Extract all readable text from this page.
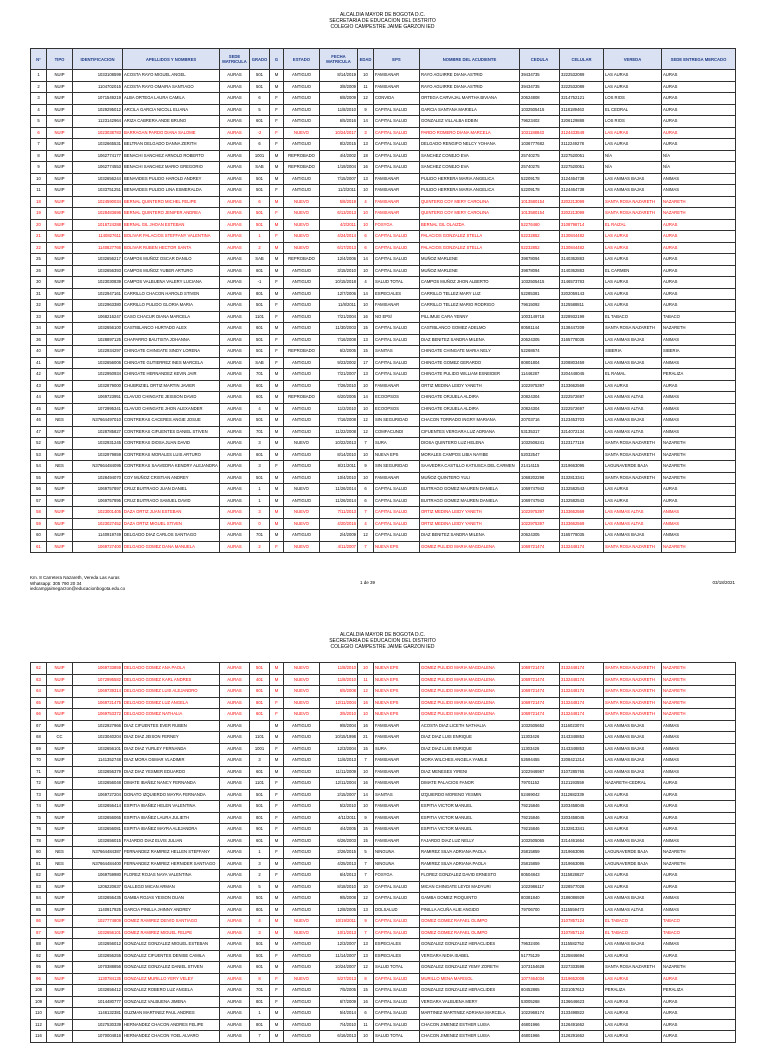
ALCALDIA MAYOR DE BOGOTA D.C.
SECRETARIA DE EDUCACION DEL DISTRITO
COLEGIO CAMPESTRE JAIME GARZON IED
N°	TIPO	IDENTIFICACION	APELLIDOS Y NOMBRES	SEDE MATRICULA	GRADO	G	ESTADO	FECHA MATRICULA	EDAD	EPS	NOMBRE DEL ACUDIENTE	CEDULA	CELULAR	VEREDA	SEDE ENTREGA MERCADO
1	NUIP	1033108599	ACOSTA RAYO MIGUEL ANGEL	AURAS	501	M	ANTIGUO	8/14/2019	10	FAMISANAR	RAYO AGUIRRE DIANA ASTRID	39434735	3222532089	LAS AURAS	AURAS
2	NUIP	1104702015	ACOSTA RAYO OMAIRA SANTIAGO	AURAS	501	M	ANTIGUO	3/8/2009	11	FAMISANAR	RAYO AGUIRRE DIANA ASTRID	39434735	3222532089	LAS AURAS	AURAS
3	NUIP	1071549219	ALBA ORTEGA LAURA CAMILA	AURAS	6	F	ANTIGUO	6/8/2009	12	CONVIDA	ORTEGA CARVAJAL MARTHA BIVIANA	20624808	3214752121	LOS RIOS	AURAS
4	NUIP	1029295012	ARCILA GARCIA NICOLL ELIANA	AURAS	5	F	ANTIGUO	11/8/2010	9	CAPITAL SALUD	GARCIA SANTANA MARIELA	1032505415	3118189463	EL CEDRAL	AURAS
5	NUIP	1123142964	ARIZA CABRERA ANDE BRUNO	AURAS	601	F	ANTIGUO	6/5/2016	14	CAPITAL SALUD	GONZALEZ VILLALBA EDBIN	79623402	3206129888	LOS RIOS	AURAS
6	NUIP	1023038783	BARRAGAN PARDO DIANA SALOME	AURAS	-2	F	NUEVO	10/24/2017	3	CAPITAL SALUD	PARDO ROMERO DIANA MARCELA	1031188843	3124433549	LAS AURAS	AURAS
7	NUIP	1032665531	BELTRAN DELGADO DANNA ZERITH	AURAS	6	F	ANTIGUO	8/2/2015	13	CAPITAL SALUD	DELGADO RENGIFO NELCY YOHANA	1036777682	3112249278	LAS AURAS	AURAS
8	NUIP	1062774177	BENACHI SANCHEZ ARNOLD ROBERTO	AURAS	1001	M	REPROBADO	4/4/2002	18	CAPITAL SALUD	SANCHEZ CONEJO EVA	25740275	3227520051	N/A	N/A
9	NUIP	1062774553	BENACHI SANCHEZ MARIO GREGORIO	AURAS	SAB	M	REPROBADO	1/19/2004	16	CAPITAL SALUD	SANCHEZ CONEJO EVA	25740275	3227520051	N/A	N/A
10	NUIP	1032656244	BENAVIDES PULIDO HAROLD ANDREY	AURAS	501	M	ANTIGUO	7/15/2007	13	FAMISANAR	PULIDO HERRERA MARIA ANGELICA	52209178	3124464738	LAS ANIMAS BAJAS	ANIMAS
11	NUIP	1033751251	BENAVIDES PULIDO LINA ESMERALDA	AURAS	501	F	ANTIGUO	11/2/2011	10	FAMISANAR	PULIDO HERRERA MARIA ANGELICA	52209178	3124464738	LAS ANIMAS BAJAS	ANIMAS
18	NUIP	1024590034	BERNAL QUINTERO MICHEL FELIPE	AURAS	6	M	NUEVO	5/8/2019	4	FAMISANAR	QUINTERO COY MERY CAROLINA	1013580154	3202213099	SANTA ROSA NAZARETH	NAZARETH
19	NUIP	1028483696	BERNAL QUINTERO JENIFER ANDREA	AURAS	501	F	NUEVO	6/13/2013	10	FAMISANAR	QUINTERO COY MERY CAROLINA	1013580154	3202213099	SANTA ROSA NAZARETH	NAZARETH
20	NUIP	1016724288	BERNAL GIL JHOAN ESTEBAN	AURAS	501	M	NUEVO	4/2/2011	10	FOSYGA	BERNAL GIL OLAIZDA	52276460	3108798714	EL RAIZAL	AURAS
21	NUIP	1140827611	BOLIVAR PALACIOS STEFFANY VALENTINA	AURAS	1	F	NUEVO	4/24/2014	6	CAPITAL SALUD	PALACIOS GONZALEZ STELLA	52232852	3130844482	LAS AURAS	AURAS
22	NUIP	1140827766	BOLIVAR RUBEN HECTOR SANTA	AURAS	2	M	NUEVO	6/17/2013	6	CAPITAL SALUD	PALACIOS GONZALEZ STELLA	52232852	3130844482	LAS AURAS	AURAS
25	NUIP	1032656217	CAMPOS MUÑOZ OSCAR DANILO	AURAS	SAB	M	REPROBADO	12/4/2006	14	CAPITAL SALUD	MUÑOZ MARLENE	39878094	3140362883	LAS AURAS	AURAS
26	NUIP	1032656393	CAMPOS MUÑOZ YUBER ARTURO	AURAS	601	M	ANTIGUO	3/15/2010	10	CAPITAL SALUD	MUÑOZ MARLENE	39878094	3140362883	EL CARMEN	AURAS
30	NUIP	1023030839	CAMPOS VALBUENA VALERY LUCIANA	AURAS	-1	F	ANTIGUO	10/15/2018	4	SALUD TOTAL	CAMPOS MUÑOZ JHON ALBERTO	1032505415	3146573783	LAS AURAS	AURAS
31	NUIP	1022947161	CARRILLO CHACON HAROLD STIVEN	AURAS	801	M	ANTIGUO	12/7/2006	14	ESPECIALES	CARRILLO TELLEZ MARY LUZ	52285381	3202059143	LAS AURAS	AURAS
32	NUIP	1022963380	CARRILLO PULIDO GLORIA MARIA	AURAS	501	F	ANTIGUO	11/8/2011	10	FAMISANAR	CARRILLO TELLEZ MARIO RODRIGO	79615092	3125588811	LAS AURAS	AURAS
33	NUIP	1068216247	CASO CHACUR DIANA MARCELA	AURAS	1101	F	ANTIGUO	7/21/2004	16	NO EPS/	PILLIMUE CARA YENNY	1003149718	3228932199	EL TABACO	TABACO
34	NUIP	1032656100	CASTIBLANCO HURTADO ALEX	AURAS	601	M	ANTIGUO	11/30/2003	15	CAPITAL SALUD	CASTIBLANCO GOMEZ ADELMO	80581144	3138447209	SANTA ROSA NAZARETH	NAZARETH
36	NUIP	1028897125	CHAPARRO BAUTISTA JOHANNA	AURAS	501	F	ANTIGUO	7/16/2008	13	CAPITAL SALUD	DIAZ BENITEZ SANDRA MILENA	20624305	3165778035	LAS ANIMAS BAJAS	ANIMAS
40	NUIP	1022934297	CHINGATE CHINGATE SINDY LORENA	AURAS	501	F	REPROBADO	6/2/2005	15	SANITAS	CHINGATE CHINGATE MARIA NELY	52268674		SIBERIA	SIBERIA
41	NUIP	1032656006	CHINGATE GUTIERREZ INES MARCELA	AURAS	SAB	F	ANTIGUO	9/23/2002	17	CAPITAL SALUD	CHINGATE GOMEZ GERARDO	80801804	3208803459	LAS ANIMAS BAJAS	ANIMAS
42	NUIP	1022950934	CHINGATE HERNANDEZ KEVIN JAIR	AURAS	701	M	ANTIGUO	7/21/2007	13	CAPITAL SALUD	CHINGATE PULIDO WILLIAM ESNEIDER	11446287	3204448045	EL RAMAL	PERALIZA
43	NUIP	1032879000	CHUBRIZIEL ORTIZ MARTIN JAVIER	AURAS	601	M	ANTIGUO	7/26/2010	10	FAMISANAR	ORTIZ MEDINA LEIDY YANETH	1022975397	3133662569	LAS AURAS	AURAS
44	NUIP	1069723951	CLAVIJO CHINGATE JEISSON DAVID	AURAS	601	M	REPROBADO	6/20/2006	14	ECOOPSOS	CHINGATE ORJUELA ALDIRA	20824304	3222572697	LAS ANIMAS ALTAS	ANIMAS
45	NUIP	1072995341	CLAVIJO CHINGATE JHON ALEXANDER	AURAS	4	M	ANTIGUO	11/2/2010	10	ECOOPSOS	CHINGATE ORJUELA ALDIRA	20824304	3222572697	LAS ANIMAS ALTAS	ANIMAS
46	NES	N37664497010	CONTRERAS CACERES ANGIE JOSUE	AURAS	501	M	ANTIGUO	7/16/2008	12	SIN SEGURIDAD	CHACON TORRADO INGRY MARIANA	20703716	3123453703	LAS ANIMAS BAJAS	ANIMAS
47	NUIP	1028785827	CONTRERAS CIFUENTES DANIEL STIVEN	AURAS	701	M	ANTIGUO	11/22/2008	12	COMFACUNDI	CIFUENTES VERGARA LUZ ADRIANA	53135317	3214072134	LAS ANIMAS ALTAS	ANIMAS
52	NUIP	1032931245	CONTRERAS DIOSA JUAN DAVID	AURAS	3	M	NUEVO	10/22/2013	7	SURA	DIOSA QUINTERO LUZ HELENA	1032506241	3123177119	SANTA ROSA NAZARETH	NAZARETH
53	NUIP	1032979859	CONTRERAS MORALES LUIS ARTURO	AURAS	601	M	ANTIGUO	8/14/2010	10	NUEVA EPS	MORALES CAMPOS LIBIA NAYIBE	52032547		SANTA ROSA NAZARETH	NAZARETH
54	NES	N37664484095	CONTRERAS SAAVEDRA KENDRY ALEJANDRA	AURAS	3	F	ANTIGUO	8/21/2011	9	SIN SEGURIDAD	SAAVEDRA CASTILLO KATIUSCA DEL CARMEN	21414115	3219663095	LAGUNAVERDE BAJA	NAZARETH
55	NUIP	1028494070	COY MUÑOZ CRISTIAN ANDREY	AURAS	501	M	ANTIGUO	10/4/2010	10	FAMISANAR	MUÑOZ QUINTERO YULI	1068202298	3132813341	SANTA ROSA NAZARETH	NAZARETH
56	NUIP	1069757897	CRUZ BUITRAGO JUAN DANIEL	AURAS	1	M	NUEVO	11/26/2014	6	CAPITAL SALUD	BUITRAGO GOMEZ MAUREN DANIELA	1069747942	3132582543	LAS AURAS	AURAS
57	NUIP	1069757895	CRUZ BUITRAGO SAMUEL DAVID	AURAS	1	M	ANTIGUO	11/26/2014	6	CAPITAL SALUD	BUITRAGO GOMEZ MAUREN DANIELA	1069747942	3132582543	LAS AURAS	AURAS
58	NUIP	1023001405	DAZA ORTIZ JUAN ESTEBAN	AURAS	3	M	NUEVO	7/11/2013	7	CAPITAL SALUD	ORTIZ MEDINA LEIDY YANETH	1022975397	3133662569	LAS ANIMAS ALTAS	ANIMAS
59	NUIP	1023027452	DAZA ORTIZ MIGUEL STIVEN	AURAS	0	M	NUEVO	4/20/2016	4	CAPITAL SALUD	ORTIZ MEDINA LEIDY YANETH	1022975397	3133662569	LAS ANIMAS ALTAS	ANIMAS
60	NUIP	1140919749	DELGADO DIAZ CARLOS SANTIAGO	AURAS	701	M	ANTIGUO	2/4/2009	12	CAPITAL SALUD	DIAZ BENITEZ SANDRA MILENA	20624305	3165778035	LAS ANIMAS BAJAS	ANIMAS
61	NUIP	1069727400	DELGADO GOMEZ DANA MANUELA	AURAS	2	F	NUEVO	4/11/2007	7	NUEVA EPS	GOMEZ PULIDO MARIA MAGDALENA	1069721474	3132448174	SANTA ROSA NAZARETH	NAZARETH
Km. 8 Carretera Nazareth, Vereda Las Auras
Whatsapp: 305 790 20 34
iedcampjaimegarzon@educacionbogota.edu.co
1 de 39	03/18/2021
ALCALDIA MAYOR DE BOGOTA D.C.
SECRETARIA DE EDUCACION DEL DISTRITO
COLEGIO CAMPESTRE JAIME GARZON IED
62	NUIP	1069733859	DELGADO GOMEZ ANA PAOLA	AURAS	501	M	NUEVO	11/8/2010	10	NUEVA EPS	GOMEZ PULIDO MARIA MAGDALENA	1069721474	3132448174	SANTA ROSA NAZARETH	NAZARETH
63	NUIP	1072995582	DELGADO GOMEZ KARL ANDRES	AURAS	401	M	NUEVO	11/8/2010	11	NUEVA EPS	GOMEZ PULIDO MARIA MAGDALENA	1069721474	3132448174	SANTA ROSA NAZARETH	NAZARETH
64	NUIP	1069739314	DELGADO GOMEZ LUIS ALEJANDRO	AURAS	601	M	NUEVO	6/5/2008	12	NUEVA EPS	GOMEZ PULIDO MARIA MAGDALENA	1069721474	3132448174	SANTA ROSA NAZARETH	NAZARETH
65	NUIP	1069721475	DELGADO GOMEZ LUZ ANGELA	AURAS	801	F	NUEVO	12/11/2004	16	NUEVA EPS	GOMEZ PULIDO MARIA MAGDALENA	1069721474	3132448174	SANTA ROSA NAZARETH	NAZARETH
66	NUIP	1069753372	DELGADO GOMEZ NATHALIA	AURAS	601	F	NUEVO	3/5/2010	10	NUEVA EPS	GOMEZ PULIDO MARIA MAGDALENA	1069721474	3132448174	SANTA ROSA NAZARETH	NAZARETH
67	NUIP	1022927966	DIAZ CIFUENTES EVER RUBEN	AURAS		M	ANTIGUO	9/8/2004	16	FAMISANAR	ACOSTA DIAZ LICETH NATHALIA	1032505652	3116023074	LAS ANIMAS BAJAS	ANIMAS
68	CC	1023040204	DIAZ DIAZ JEISON FERNEY	AURAS	1101	M	ANTIGUO	10/15/1998	21	FAMISANAR	DIAZ DIAZ LUIS ENRIQUE	11303426	3143348853	LAS ANIMAS BAJAS	ANIMAS
69	NUIP	1032656101	DIAZ DIAZ YURLEY FERNANDA	AURAS	1001	F	ANTIGUO	12/3/2004	15	SURA	DIAZ DIAZ LUIS ENRIQUE	11303426	3143348853	LAS ANIMAS BAJAS	ANIMAS
70	NUIP	1141352748	DIAZ MORA OSMAR VLADIMIR	AURAS	3	M	ANTIGUO	11/6/2013	7	FAMISANAR	MORA WILCHES ANGELA YAMILE	52694455	3208421314	LAS ANIMAS BAJAS	ANIMAS
71	NUIP	1032656379	DIAZ DIAZ YESMER EDUARDO	AURAS	601	M	ANTIGUO	11/11/2009	10	FAMISANAR	DIAZ MENESES YIRENI	1022946987	3107285765	LAS ANIMAS BAJAS	ANIMAS
72	NUIP	1032656048	DIMATE IBAÑEZ NANCY FERNANDA	AURAS	1101	F	ANTIGUO	12/11/2004	16	FAMISANAR	DIMATE PALACIOS FANOR	79701152	3121193559	NAZARETH-CEDRAL	AURAS
73	NUIP	1069727204	DONATO IZQUIERDO MAYRA FERNANDA	AURAS	501	F	ANTIGUO	2/15/2007	14	SANITAS	IZQUIERDO MORENO YESMIN	52469042	3112682339	LAS AURAS	AURAS
74	NUIP	1032656414	ESPITIA IBAÑEZ HELEN VALENTINA	AURAS	501	F	ANTIGUO	5/2/2010	10	FAMISANAR	ESPITIA VICTOR MANUEL	79215846	3203458045	LAS AURAS	AURAS
75	NUIP	1032656065	ESPITIA IBAÑEZ LAURA JULIETH	AURAS	801	F	ANTIGUO	4/11/2011	9	FAMISANAR	ESPITIA VICTOR MANUEL	79215846	3203458045	LAS AURAS	AURAS
76	NUIP	1032656081	ESPITIA IBAÑEZ MAYRA ALEJANDRA	AURAS	901	F	ANTIGUO	4/4/2005	15	FAMISANAR	ESPITIA VICTOR MANUEL	79215846	3132813341	LAS AURAS	AURAS
78	NUIP	1032656015	FAJARDO DIAZ ELVIS JULIAN	AURAS	601	M	ANTIGUO	6/26/2003	15	FAMISANAR	FAJARDO DIAZ LUZ NELLY	1032505065	3214461664	LAS ANIMAS BAJAS	ANIMAS
80	NES	N37664484387	FERNANDEZ RAMIREZ HELLEN STEFFANY	AURAS	1	F	ANTIGUO	2/26/2015	5	NINGUNA	RAMIREZ SILVA ADRIANA PAOLA	25815859	3219663095	LAGUNAVERDE BAJA	NAZARETH
81	NES	N37664484400	FERNANDEZ RAMIREZ HERNIDER SANTIAGO	AURAS	3	M	ANTIGUO	4/25/2013	7	NINGUNA	RAMIREZ SILVA ADRIANA PAOLA	25815859	3219663095	LAGUNAVERDE BAJA	NAZARETH
82	NUIP	1069759980	FLOREZ ROJAS NAYA VALENTINA	AURAS	2	F	ANTIGUO	6/4/2013	7	FOSYGA	FLOREZ GONZALEZ DAVID ERNESTO	80504843	3115828627	LAS AURAS	AURAS
83	NUIP	1206220637	GALLEGO MICAN ARMAN	AURAS	5	M	ANTIGUO	8/18/2010	10	CAPITAL SALUD	MICAN CHINGATE LEYDI MADYURI	1022986117	3228577028	LAS AURAS	AURAS
84	NUIP	1032656435	GAMBA ROJAS YEISON DUAN	AURAS	501	M	ANTIGUO	9/5/2008	12	CAPITAL SALUD	GAMBA GOMEZ PIOQUINTO	80381840	3186086929	LAS ANIMAS BAJAS	ANIMAS
85	NUIP	1140917925	GARCIA PINILLA JHINNY ANDREY	AURAS	801	M	ANTIGUO	12/8/2005	13	DOLSALUD	PINILLA ACUÑA ALIE ANGIDO	79706700	3115559473	LAS ANIMAS ALTAS	ANIMAS
86	NUIP	1027774809	GOMEZ RAMIREZ DEIVID SANTIAGO	AURAS	4	M	NUEVO	10/19/2011	9	CAPITAL SALUD	GOMEZ GOMEZ RAFAEL OLIMPO		3107857124	EL TABACO	TABACO
87	NUIP	1032656101	GOMEZ RAMIREZ MIGUEL FELIPE	AURAS	3	M	NUEVO	10/1/2013	7	CAPITAL SALUD	GOMEZ GOMEZ RAFAEL OLIMPO		3107857124	EL TABACO	TABACO
88	NUIP	1032656012	GONZALEZ GONZALEZ MIGUEL ESTEBAN	AURAS	501	M	ANTIGUO	12/3/2007	13	ESPECIALES	GONZALEZ GONZALEZ HERACLIDES	79632406	3115582752	LAS ANIMAS BAJAS	ANIMAS
92	NUIP	1032656255	GONZALEZ CIFUENTES DENISE CAMILA	AURAS	501	F	ANTIGUO	11/14/2007	13	ESPECIALES	VERGARA NIDIA ISABEL	51775129	3125846694	LAS AURAS	AURAS
95	NUIP	1070388856	GONZALEZ GONZALEZ DANIEL STIVEN	AURAS	601	M	ANTIGUO	10/24/2007	12	SALUD TOTAL	GONZALEZ GONZALEZ YEMY ZORETH	1073154628	3227333598	SANTA ROSA NAZARETH	NAZARETH
96	NUIP	1130784135	GONZALEZ MURILLO YERY VELEY	AURAS	8	F	NUEVO	5/27/2013	8	CAPITAL SALUD	MURILLO MENA MARISOL	1077464034	3219652008	LAS AURAS	AURAS
108	NUIP	1032656412	GONZALEZ ROBERO LUZ ANGELA	AURAS	701	F	ANTIGUO	7/5/2005	15	CAPITAL SALUD	GONZALEZ GONZALEZ HERACLIDES	80452865	3221057612	PERALIZA	PERALIZA
109	NUIP	1014480777	GONZALEZ VALBUENA JIMENA	AURAS	801	F	ANTIGUO	6/7/2009	16	CAPITAL SALUD	VERGARA VALBUENA MERY	53005268	3136646623	LAS AURAS	AURAS
110	NUIP	1146132381	GUZMAN MARTINEZ PAUL ANDRES	AURAS	1	M	ANTIGUO	5/4/2014	6	CAPITAL SALUD	MARTINEZ MARTINEZ ADRIANA MARCELA	1022968174	3133498822	LAS AURAS	AURAS
112	NUIP	1027530339	HERNANDEZ CHACON ANDRES FELIPE	AURAS	801	M	ANTIGUO	7/4/2010	11	CAPITAL SALUD	CHACON JIMENEZ ESTHER LUISA	46801966	3126491662	LAS AURAS	AURAS
116	NUIP	1070004816	HERNANDEZ CHACON YOEL ALVARO	AURAS	7	M	ANTIGUO	6/16/2013	10	SALUD TOTAL	CHACON JIMENEZ ESTHER LUISA	46801966	3126291662	LAS AURAS	AURAS
